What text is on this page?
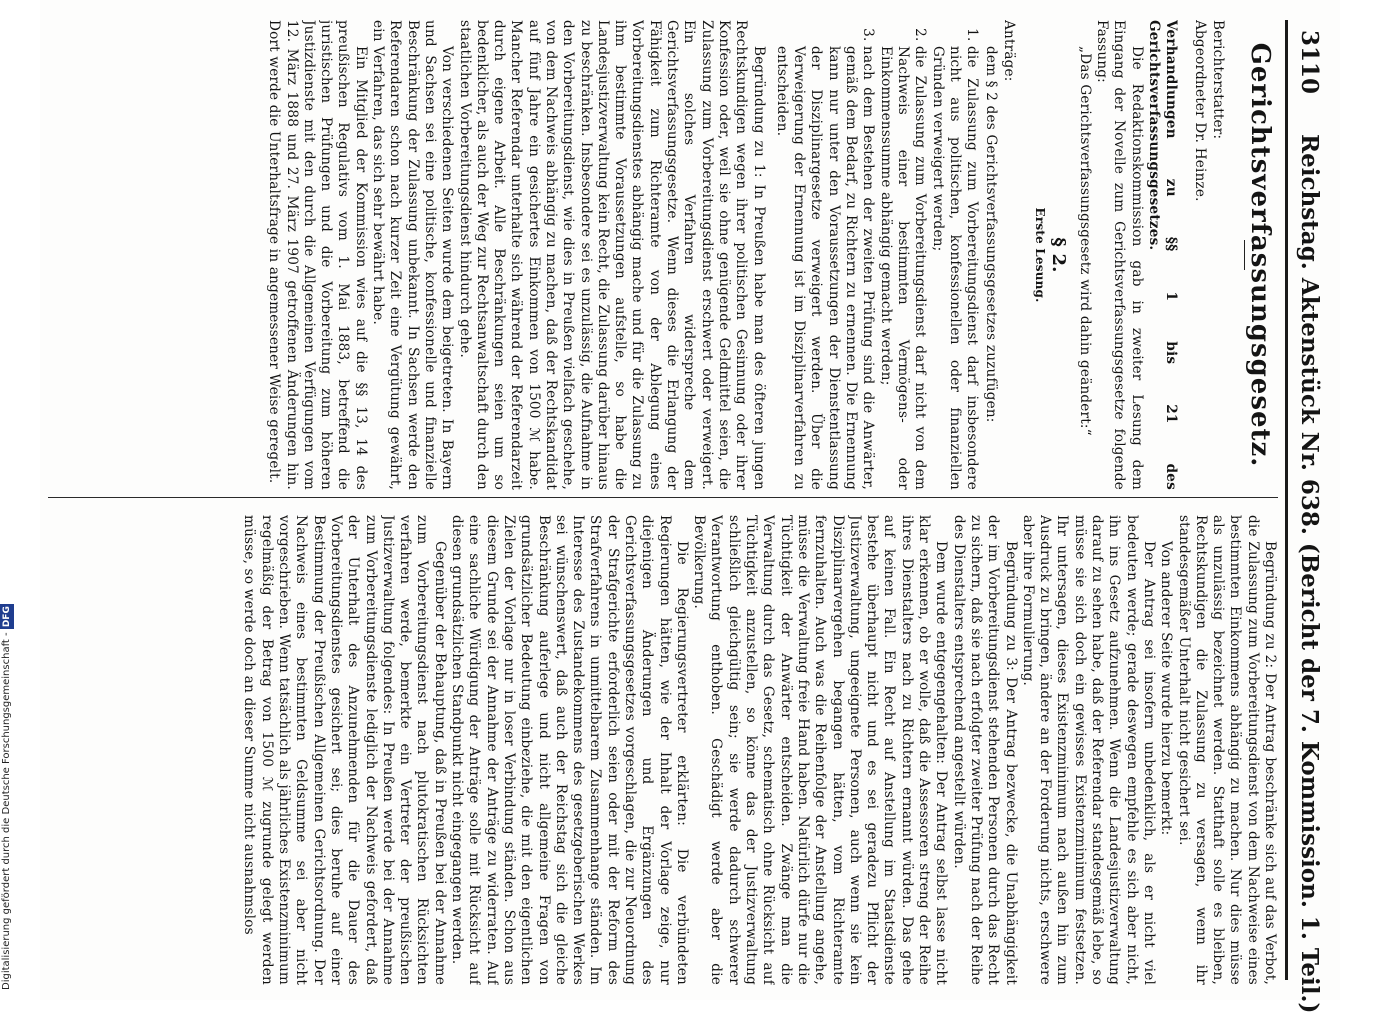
3110
Reichstag. Aktenstück Nr. 638. (Bericht der 7. Kommission. 1. Teil.)
Gerichtsverfassungsgesetz.

Berichterstatter:

Abgeordneter Dr. Heinze.

Verhandlungen zu §§ 1 bis 21 des Gerichtsverfassungsgesetzes.

Die Redaktionskommission gab in zweiter Lesung dem Eingang der Novelle zum Gerichtsverfassungsgesetze folgende Fassung:

„Das Gerichtsverfassungsgesetz wird dahin geändert:“

§ 2.
Erste Lesung.

Anträge:

dem § 2 des Gerichtsverfassungsgesetzes zuzufügen:

1. die Zulassung zum Vorbereitungsdienst darf insbesondere nicht aus politischen, konfessionellen oder finanziellen Gründen verweigert werden;
2. die Zulassung zum Vorbereitungsdienst darf nicht von dem Nachweis einer bestimmten Vermögens- oder Einkommenssumme abhängig gemacht werden;
3. nach dem Bestehen der zweiten Prüfung sind die Anwärter, gemäß dem Bedarf, zu Richtern zu ernennen. Die Ernennung kann nur unter den Voraussetzungen der Dienstentlassung der Disziplinargesetze verweigert werden. Über die Verweigerung der Ernennung ist im Disziplinarverfahren zu entscheiden.

Begründung zu 1: In Preußen habe man des öfteren jungen Rechtskundigen wegen ihrer politischen Gesinnung oder ihrer Konfession oder, weil sie ohne genügende Geldmittel seien, die Zulassung zum Vorbereitungsdienst erschwert oder verweigert. Ein solches Verfahren widerspreche dem Gerichtsverfassungsgesetze. Wenn dieses die Erlangung der Fähigkeit zum Richteramte von der Ablegung eines Vorbereitungsdienstes abhängig mache und für die Zulassung zu ihm bestimmte Voraussetzungen aufstelle, so habe die Landesjustizverwaltung kein Recht, die Zulassung darüber hinaus zu beschränken. Insbesondere sei es unzulässig, die Aufnahme in den Vorbereitungsdienst, wie dies in Preußen vielfach geschehe, von dem Nachweis abhängig zu machen, daß der Rechtskandidat auf fünf Jahre ein gesichertes Einkommen von 1500 ℳ habe. Mancher Referendar unterhalte sich während der Referendarzeit durch eigene Arbeit. Alle Beschränkungen seien um so bedenklicher, als auch der Weg zur Rechtsanwaltschaft durch den staatlichen Vorbereitungsdienst hindurch gehe.

Von verschiedenen Seiten wurde dem beigetreten. In Bayern und Sachsen sei eine politische, konfessionelle und finanzielle Beschränkung der Zulassung unbekannt. In Sachsen werde den Referendaren schon nach kurzer Zeit eine Vergütung gewährt, ein Verfahren, das sich sehr bewährt habe.

Ein Mitglied der Kommission wies auf die §§ 13, 14 des preußischen Regulativs vom 1. Mai 1883, betreffend die juristischen Prüfungen und die Vorbereitung zum höheren Justizdienste mit den durch die Allgemeinen Verfügungen vom 12. März 1888 und 27. März 1907 getroffenen Änderungen hin. Dort werde die Unterhaltsfrage in angemessener Weise geregelt.

Begründung zu 2: Der Antrag beschränke sich auf das Verbot, die Zulassung zum Vorbereitungsdienst von dem Nachweise eines bestimmten Einkommens abhängig zu machen. Nur dies müsse als unzulässig bezeichnet werden. Statthaft solle es bleiben, Rechtskundigen die Zulassung zu versagen, wenn ihr standesgemäßer Unterhalt nicht gesichert sei.

Von anderer Seite wurde hierzu bemerkt:

Der Antrag sei insofern unbedenklich, als er nicht viel bedeuten werde; gerade deswegen empfehle es sich aber nicht, ihn ins Gesetz aufzunehmen. Wenn die Landesjustizverwaltung darauf zu sehen habe, daß der Referendar standesgemäß lebe, so müsse sie sich doch ein gewisses Existenzminimum festsetzen. Ihr untersagen, dieses Existenzminimum nach außen hin zum Ausdruck zu bringen, ändere an der Forderung nichts, erschwere aber ihre Formulierung.

Begründung zu 3: Der Antrag bezwecke, die Unabhängigkeit der im Vorbereitungsdienst stehenden Personen durch das Recht zu sichern, daß sie nach erfolgter zweiter Prüfung nach der Reihe des Dienstalters entsprechend angestellt würden.

Dem wurde entgegengehalten: Der Antrag selbst lasse nicht klar erkennen, ob er wolle, daß die Assessoren streng der Reihe ihres Dienstalters nach zu Richtern ernannt würden. Das gehe auf keinen Fall. Ein Recht auf Anstellung im Staatsdienste bestehe überhaupt nicht und es sei geradezu Pflicht der Justizverwaltung, ungeeignete Personen, auch wenn sie kein Disziplinarvergehen begangen hätten, vom Richteramte fernzuhalten. Auch was die Reihenfolge der Anstellung angehe, müsse die Verwaltung freie Hand haben. Natürlich dürfe nur die Tüchtigkeit der Anwärter entscheiden. Zwänge man die Verwaltung durch das Gesetz, schematisch ohne Rücksicht auf Tüchtigkeit anzustellen, so könne das der Justizverwaltung schließlich gleichgültig sein; sie werde dadurch schwerer Verantwortung enthoben. Geschädigt werde aber die Bevölkerung.

Die Regierungsvertreter erklärten: Die verbündeten Regierungen hätten, wie der Inhalt der Vorlage zeige, nur diejenigen Änderungen und Ergänzungen des Gerichtsverfassungsgesetzes vorgeschlagen, die zur Neuordnung der Strafgerichte erforderlich seien oder mit der Reform des Strafverfahrens in unmittelbarem Zusammenhange ständen. Im Interesse des Zustandekommens des gesetzgeberischen Werkes sei wünschenswert, daß auch der Reichstag sich die gleiche Beschränkung auferlege und nicht allgemeine Fragen von grundsätzlicher Bedeutung einbeziehe, die mit den eigentlichen Zielen der Vorlage nur in loser Verbindung ständen. Schon aus diesem Grunde sei der Annahme der Anträge zu widerraten. Auf eine sachliche Würdigung der Anträge solle mit Rücksicht auf diesen grundsätzlichen Standpunkt nicht eingegangen werden.

Gegenüber der Behauptung, daß in Preußen bei der Annahme zum Vorbereitungsdienst nach plutokratischen Rücksichten verfahren werde, bemerkte ein Vertreter der preußischen Justizverwaltung folgendes: In Preußen werde bei der Annahme zum Vorbereitungsdienste lediglich der Nachweis gefordert, daß der Unterhalt des Anzunehmenden für die Dauer des Vorbereitungsdienstes gesichert sei; dies beruhe auf einer Bestimmung der Preußischen Allgemeinen Gerichtsordnung. Der Nachweis eines bestimmten Geldsumme sei aber nicht vorgeschrieben. Wenn tatsächlich als jährliches Existenzminimum regelmäßig der Betrag von 1500 ℳ zugrunde gelegt werden müsse, so werde doch an dieser Summe nicht ausnahmslos

Digitalisierung gefördert durch die Deutsche Forschungsgemeinschaft - DFG
